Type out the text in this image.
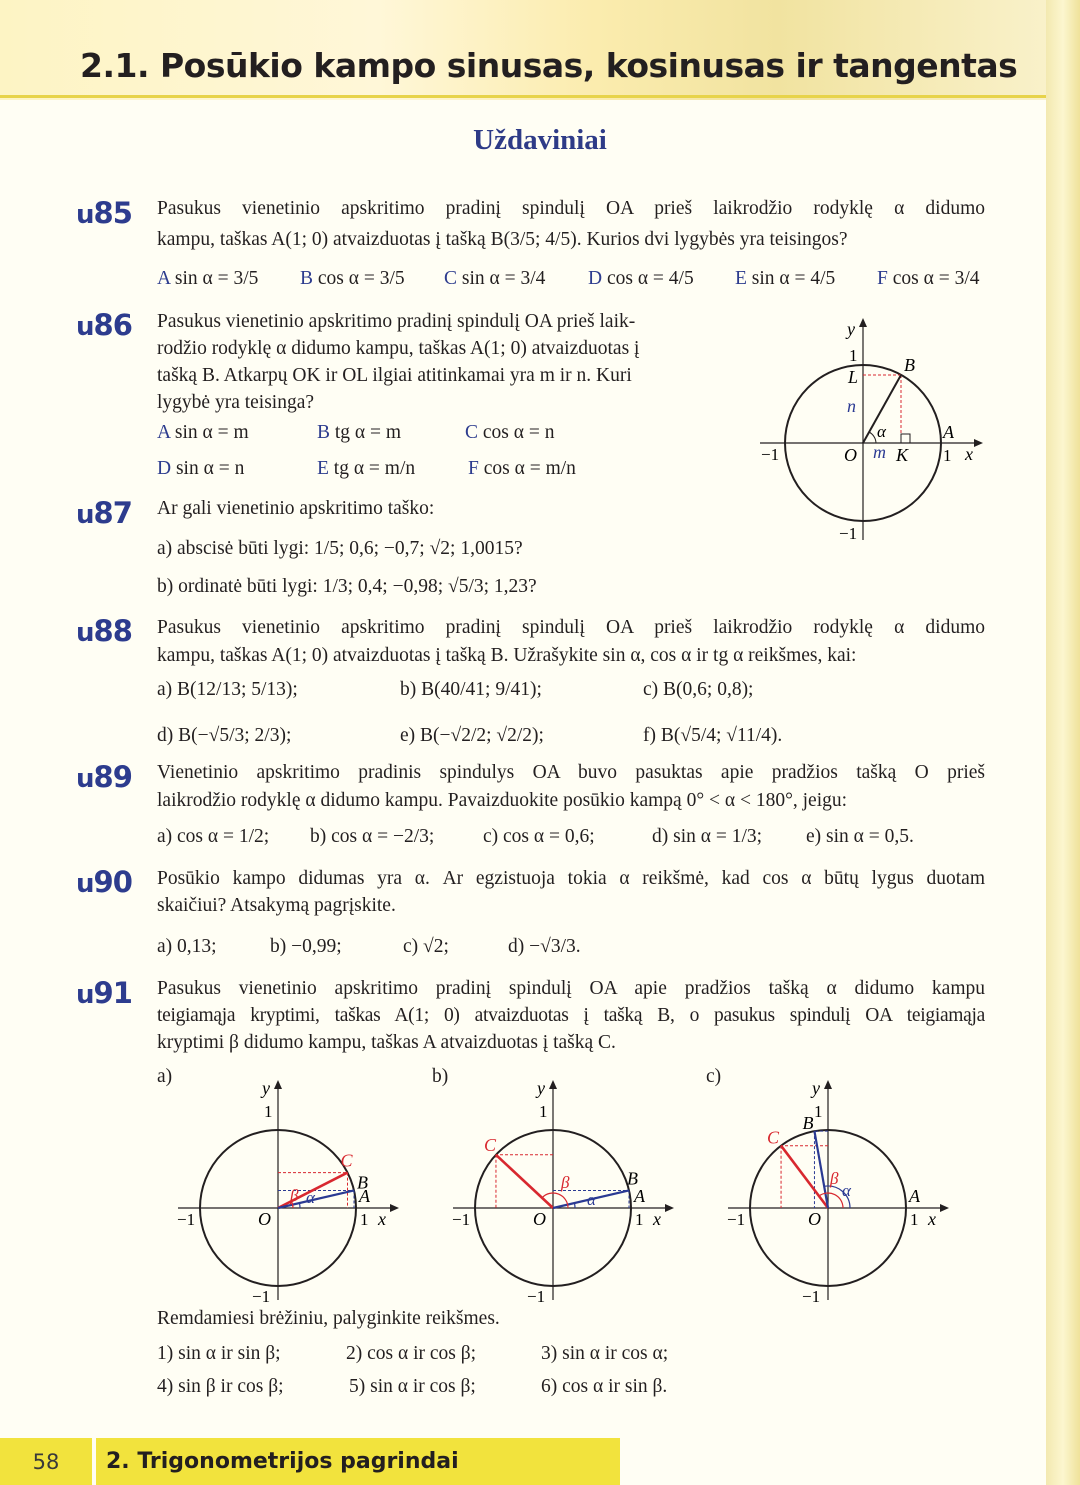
2.1. Posūkio kampo sinusas, kosinusas ir tangentas
Uždaviniai
u85 Pasukus vienetinio apskritimo pradinį spindulį OA prieš laikrodžio rodyklę α didumo
kampu, taškas A(1; 0) atvaizduotas į tašką B(3/5; 4/5). Kurios dvi lygybės yra teisingos?
A sin α = 3/5 B cos α = 3/5 C sin α = 3/4 D cos α = 4/5 E sin α = 4/5 F cos α = 3/4
u86 Pasukus vienetinio apskritimo pradinį spindulį OA prieš laik-
rodžio rodyklę α didumo kampu, taškas A(1; 0) atvaizduotas į
tašką B. Atkarpų OK ir OL ilgiai atitinkamai yra m ir n. Kuri
lygybė yra teisinga?
A sin α = m	B tg α = m	C cos α = n
D sin α = n	E tg α = m/n	F cos α = m/n
y
1	B
L
n
α	A
−1	O m K 1 x
−1
u87 Ar gali vienetinio apskritimo taško:
a) abscisė būti lygi: 1/5; 0,6; −0,7; √2; 1,0015?
b) ordinatė būti lygi: 1/3; 0,4; −0,98; √5/3; 1,23?
u88 Pasukus vienetinio apskritimo pradinį spindulį OA prieš laikrodžio rodyklę α didumo
kampu, taškas A(1; 0) atvaizduotas į tašką B. Užrašykite sin α, cos α ir tg α reikšmes, kai:
a) B(12/13; 5/13);	b) B(40/41; 9/41);	c) B(0,6; 0,8);
d) B(−√5/3; 2/3);	e) B(−√2/2; √2/2);	f) B(√5/4; √11/4).
u89 Vienetinio apskritimo pradinis spindulys OA buvo pasuktas apie pradžios tašką O prieš
laikrodžio rodyklę α didumo kampu. Pavaizduokite posūkio kampą 0° < α < 180°, jeigu:
a) cos α = 1/2; b) cos α = −2/3; c) cos α = 0,6;	d) sin α = 1/3; e) sin α = 0,5.
u90 Posūkio kampo didumas yra α. Ar egzistuoja tokia α reikšmė, kad cos α būtų lygus duotam
skaičiui? Atsakymą pagrįskite.
a) 0,13;	b) −0,99;	c) √2;	d) −√3/3.
u91 Pasukus vienetinio apskritimo pradinį spindulį OA apie pradžios tašką α didumo kampu
teigiamąja kryptimi, taškas A(1; 0) atvaizduotas į tašką B, o pasukus spindulį OA teigiamąja
kryptimi β didumo kampu, taškas A atvaizduotas į tašką C.
a)	b)	c)
y
1
−1	O	1 x
−1
A
B
C
α
β
y
1
−1	O	1 x
−1
A
B
C
α
β
y
1
−1	O	1 x
−1
A
B
C
α
β
Remdamiesi brėžiniu, palyginkite reikšmes.
1) sin α ir sin β;	2) cos α ir cos β;	3) sin α ir cos α;
4) sin β ir cos β;	5) sin α ir cos β;	6) cos α ir sin β.
58	2. Trigonometrijos pagrindai
